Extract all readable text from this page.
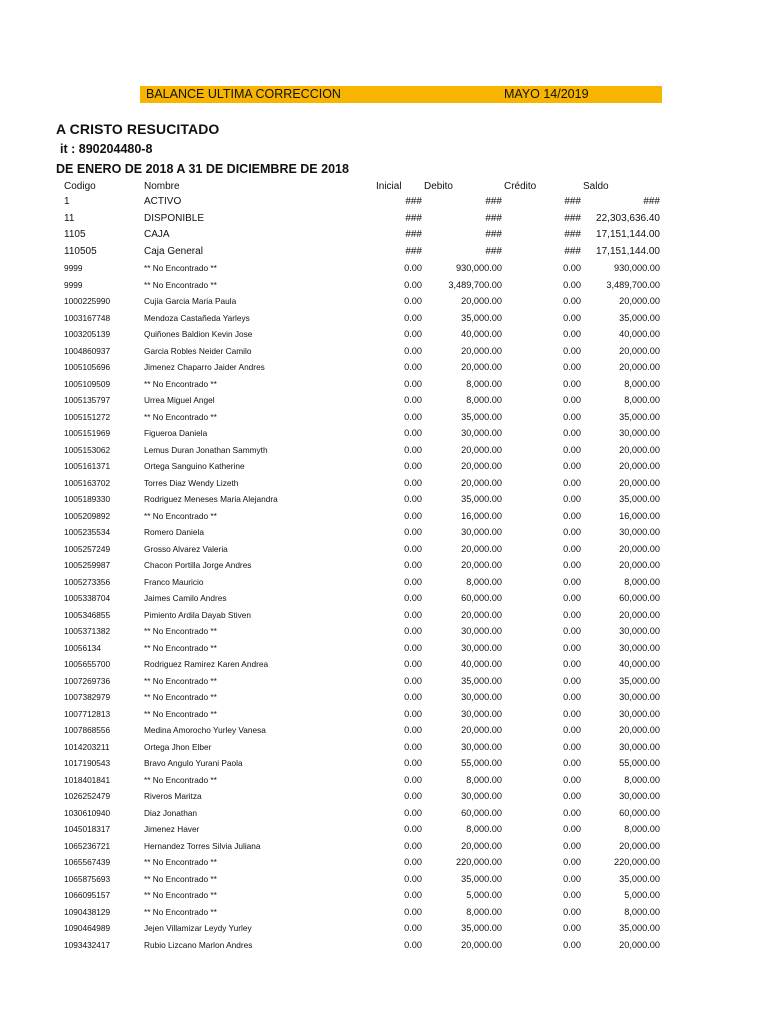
BALANCE ULTIMA CORRECCION	MAYO 14/2019
A CRISTO RESUCITADO
it : 890204480-8
DE ENERO DE 2018 A 31 DE DICIEMBRE DE 2018
Codigo	Nombre	Inicial Debito	Crédito	Saldo
1	ACTIVO	###	###	###	###
11	DISPONIBLE	###	###	### 22,303,636.40
1105	CAJA	###	###	### 17,151,144.00
110505	Caja General	###	###	### 17,151,144.00
9999	** No Encontrado **	0.00	930,000.00	0.00	930,000.00
9999	** No Encontrado **	0.00	3,489,700.00	0.00	3,489,700.00
1000225990	Cujia Garcia Maria Paula	0.00	20,000.00	0.00	20,000.00
1003167748	Mendoza Castañeda Yarleys	0.00	35,000.00	0.00	35,000.00
1003205139	Quiñones Baldion Kevin Jose	0.00	40,000.00	0.00	40,000.00
1004860937	Garcia Robles Neider Camilo	0.00	20,000.00	0.00	20,000.00
1005105696	Jimenez Chaparro Jaider Andres	0.00	20,000.00	0.00	20,000.00
1005109509	** No Encontrado **	0.00	8,000.00	0.00	8,000.00
1005135797	Urrea Miguel Angel	0.00	8,000.00	0.00	8,000.00
1005151272	** No Encontrado **	0.00	35,000.00	0.00	35,000.00
1005151969	Figueroa Daniela	0.00	30,000.00	0.00	30,000.00
1005153062	Lemus Duran Jonathan Sammyth	0.00	20,000.00	0.00	20,000.00
1005161371	Ortega Sanguino Katherine	0.00	20,000.00	0.00	20,000.00
1005163702	Torres Diaz Wendy Lizeth	0.00	20,000.00	0.00	20,000.00
1005189330	Rodriguez Meneses Maria Alejandra	0.00	35,000.00	0.00	35,000.00
1005209892	** No Encontrado **	0.00	16,000.00	0.00	16,000.00
1005235534	Romero Daniela	0.00	30,000.00	0.00	30,000.00
1005257249	Grosso Alvarez Valeria	0.00	20,000.00	0.00	20,000.00
1005259987	Chacon Portilla Jorge Andres	0.00	20,000.00	0.00	20,000.00
1005273356	Franco Mauricio	0.00	8,000.00	0.00	8,000.00
1005338704	Jaimes Camilo Andres	0.00	60,000.00	0.00	60,000.00
1005346855	Pimiento Ardila Dayab Stiven	0.00	20,000.00	0.00	20,000.00
1005371382	** No Encontrado **	0.00	30,000.00	0.00	30,000.00
10056134	** No Encontrado **	0.00	30,000.00	0.00	30,000.00
1005655700	Rodriguez Ramirez Karen Andrea	0.00	40,000.00	0.00	40,000.00
1007269736	** No Encontrado **	0.00	35,000.00	0.00	35,000.00
1007382979	** No Encontrado **	0.00	30,000.00	0.00	30,000.00
1007712813	** No Encontrado **	0.00	30,000.00	0.00	30,000.00
1007868556	Medina Amorocho Yurley Vanesa	0.00	20,000.00	0.00	20,000.00
1014203211	Ortega Jhon Elber	0.00	30,000.00	0.00	30,000.00
1017190543	Bravo Angulo Yurani Paola	0.00	55,000.00	0.00	55,000.00
1018401841	** No Encontrado **	0.00	8,000.00	0.00	8,000.00
1026252479	Riveros Maritza	0.00	30,000.00	0.00	30,000.00
1030610940	Diaz Jonathan	0.00	60,000.00	0.00	60,000.00
1045018317	Jimenez Haver	0.00	8,000.00	0.00	8,000.00
1065236721	Hernandez Torres Silvia Juliana	0.00	20,000.00	0.00	20,000.00
1065567439	** No Encontrado **	0.00	220,000.00	0.00	220,000.00
1065875693	** No Encontrado **	0.00	35,000.00	0.00	35,000.00
1066095157	** No Encontrado **	0.00	5,000.00	0.00	5,000.00
1090438129	** No Encontrado **	0.00	8,000.00	0.00	8,000.00
1090464989	Jejen Villamizar Leydy Yurley	0.00	35,000.00	0.00	35,000.00
1093432417	Rubio Lizcano Marlon Andres	0.00	20,000.00	0.00	20,000.00
